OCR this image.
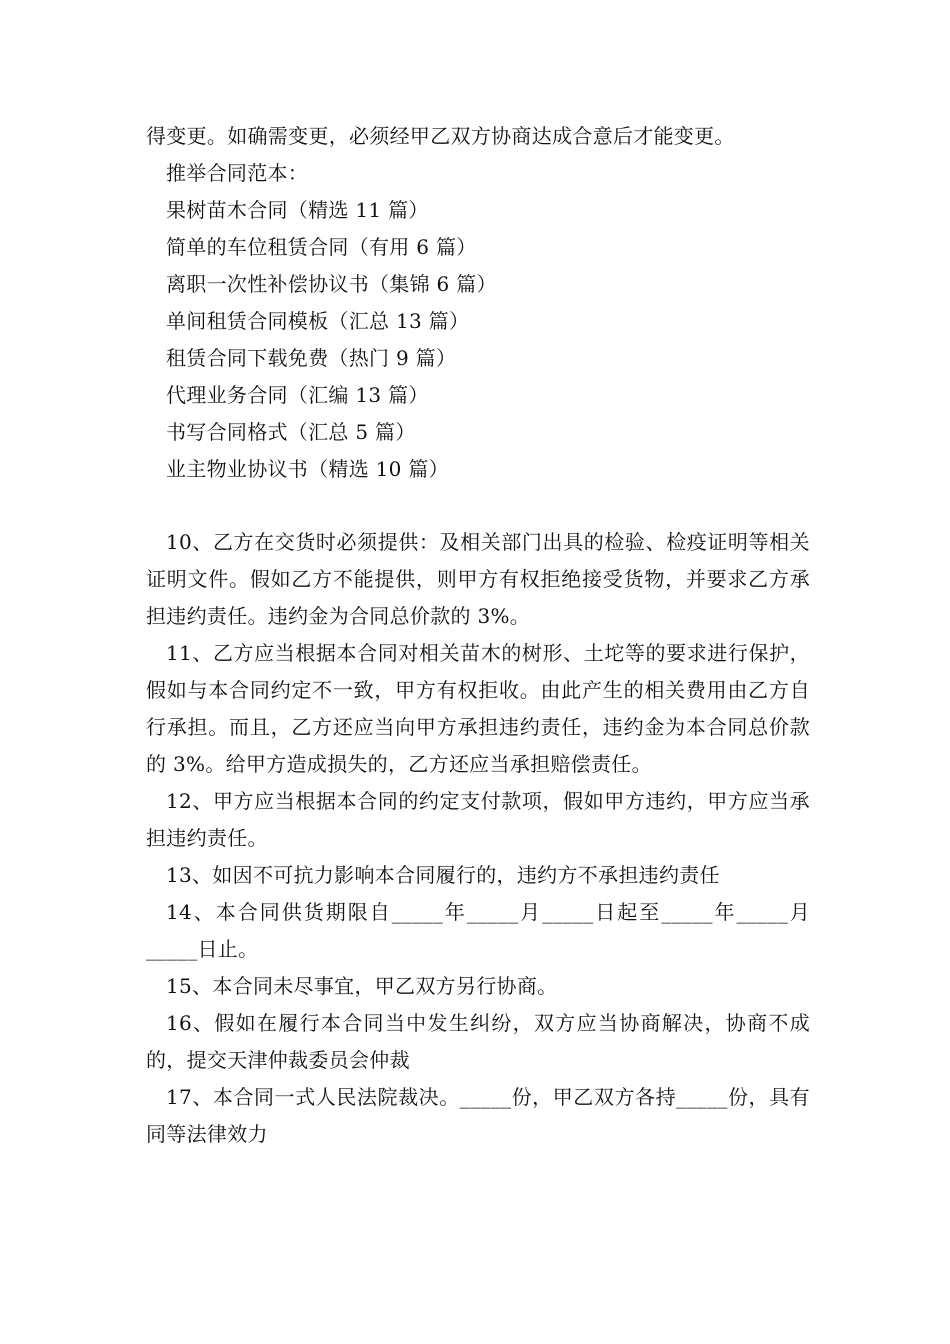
得变更。如确需变更，必须经甲乙双方协商达成合意后才能变更。

推举合同范本：

果树苗木合同（精选 11 篇）
简单的车位租赁合同（有用 6 篇）
离职一次性补偿协议书（集锦 6 篇）
单间租赁合同模板（汇总 13 篇）
租赁合同下载免费（热门 9 篇）
代理业务合同（汇编 13 篇）
书写合同格式（汇总 5 篇）
业主物业协议书（精选 10 篇）

10、乙方在交货时必须提供：及相关部门出具的检验、检疫证明等相关证明文件。假如乙方不能提供，则甲方有权拒绝接受货物，并要求乙方承担违约责任。违约金为合同总价款的 3%。

11、乙方应当根据本合同对相关苗木的树形、土坨等的要求进行保护，假如与本合同约定不一致，甲方有权拒收。由此产生的相关费用由乙方自行承担。而且，乙方还应当向甲方承担违约责任，违约金为本合同总价款的 3%。给甲方造成损失的，乙方还应当承担赔偿责任。

12、甲方应当根据本合同的约定支付款项，假如甲方违约，甲方应当承担违约责任。

13、如因不可抗力影响本合同履行的，违约方不承担违约责任

14、本合同供货期限自_____年_____月_____日起至_____年_____月_____日止。

15、本合同未尽事宜，甲乙双方另行协商。

16、假如在履行本合同当中发生纠纷，双方应当协商解决，协商不成的，提交天津仲裁委员会仲裁

17、本合同一式人民法院裁决。_____份，甲乙双方各持_____份，具有同等法律效力
